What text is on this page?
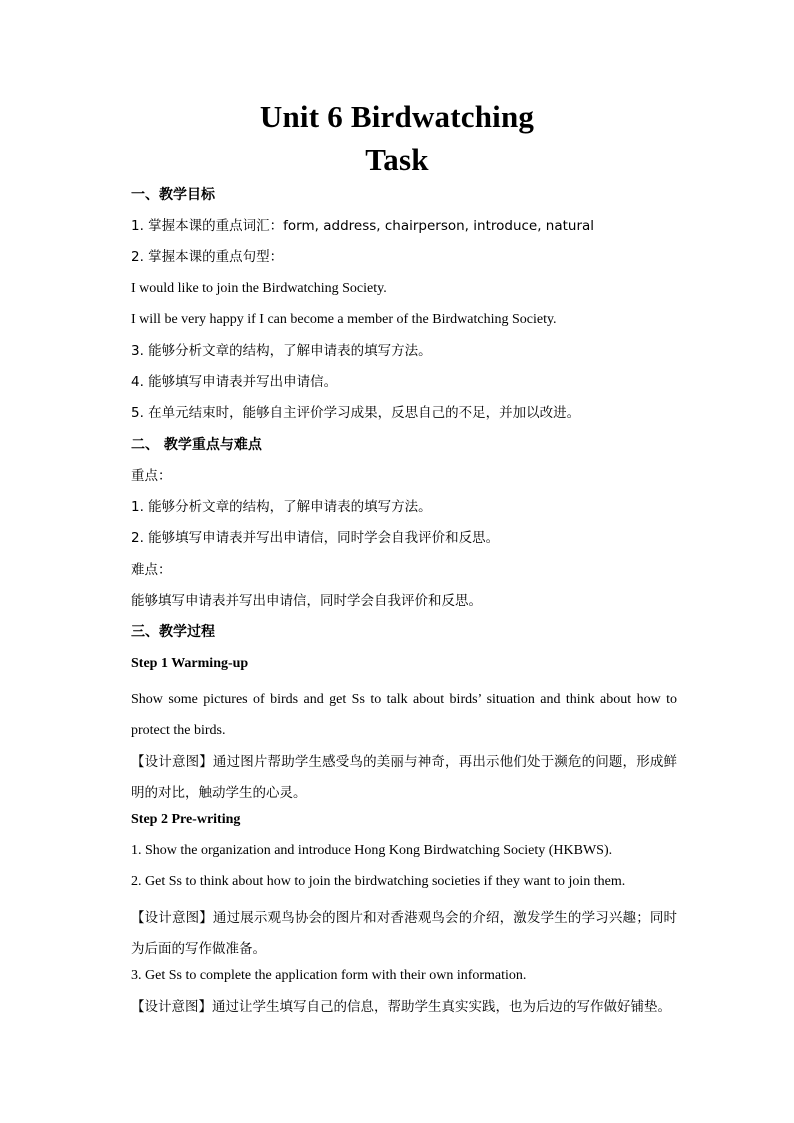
Unit 6 Birdwatching
Task
一、教学目标
1. 掌握本课的重点词汇：form, address, chairperson, introduce, natural
2. 掌握本课的重点句型：
I would like to join the Birdwatching Society.
I will be very happy if I can become a member of the Birdwatching Society.
3. 能够分析文章的结构，了解申请表的填写方法。
4. 能够填写申请表并写出申请信。
5. 在单元结束时，能够自主评价学习成果，反思自己的不足，并加以改进。
二、 教学重点与难点
重点：
1. 能够分析文章的结构，了解申请表的填写方法。
2. 能够填写申请表并写出申请信，同时学会自我评价和反思。
难点：
能够填写申请表并写出申请信，同时学会自我评价和反思。
三、教学过程
Step 1 Warming-up
Show some pictures of birds and get Ss to talk about birds’ situation and think about how to protect the birds.
【设计意图】通过图片帮助学生感受鸟的美丽与神奇，再出示他们处于濒危的问题，形成鲜明的对比，触动学生的心灵。
Step 2 Pre-writing
1. Show the organization and introduce Hong Kong Birdwatching Society (HKBWS).
2. Get Ss to think about how to join the birdwatching societies if they want to join them.
【设计意图】通过展示观鸟协会的图片和对香港观鸟会的介绍，激发学生的学习兴趣；同时为后面的写作做准备。
3. Get Ss to complete the application form with their own information.
【设计意图】通过让学生填写自己的信息，帮助学生真实实践，也为后边的写作做好铺垫。
